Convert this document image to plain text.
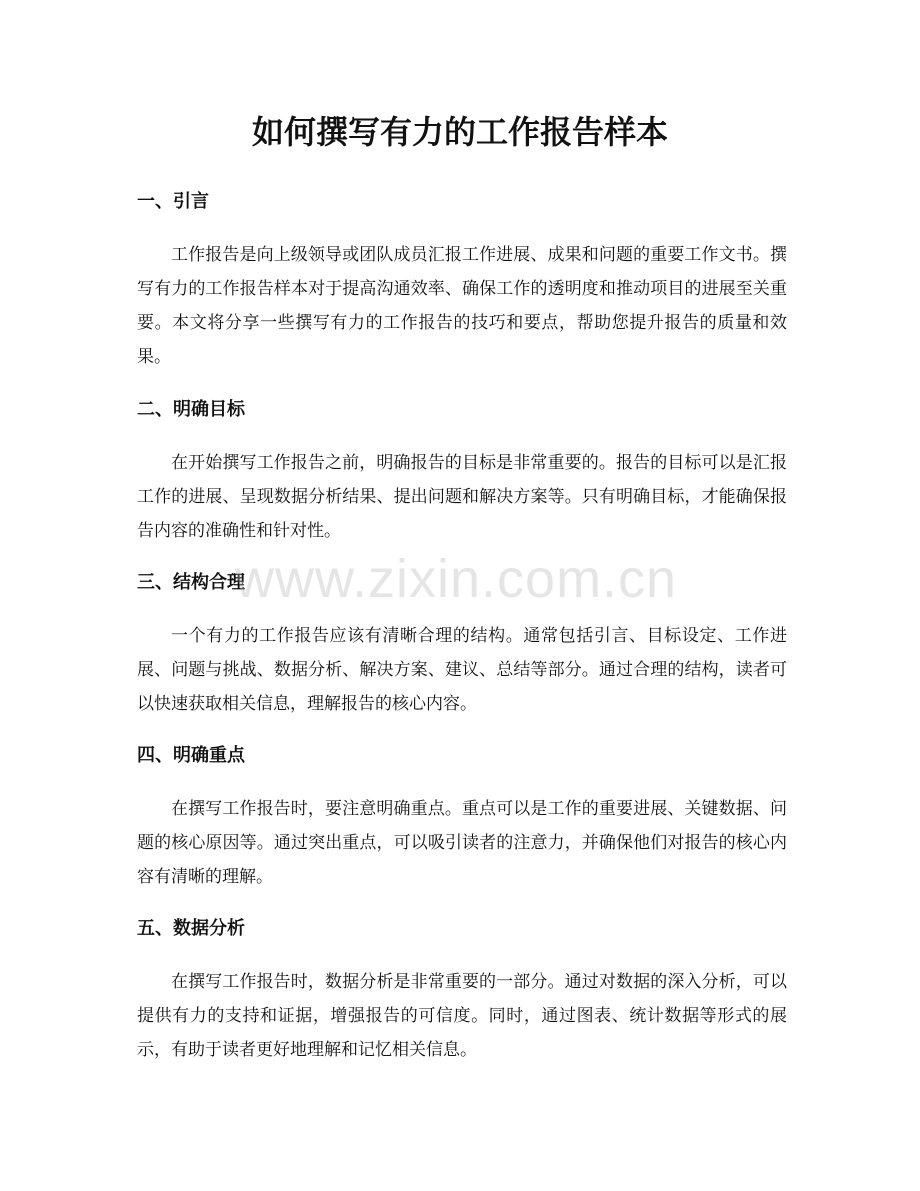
如何撰写有力的工作报告样本
一、引言

工作报告是向上级领导或团队成员汇报工作进展、成果和问题的重要工作文书。撰写有力的工作报告样本对于提高沟通效率、确保工作的透明度和推动项目的进展至关重要。本文将分享一些撰写有力的工作报告的技巧和要点，帮助您提升报告的质量和效果。

二、明确目标

在开始撰写工作报告之前，明确报告的目标是非常重要的。报告的目标可以是汇报工作的进展、呈现数据分析结果、提出问题和解决方案等。只有明确目标，才能确保报告内容的准确性和针对性。

三、结构合理

一个有力的工作报告应该有清晰合理的结构。通常包括引言、目标设定、工作进展、问题与挑战、数据分析、解决方案、建议、总结等部分。通过合理的结构，读者可以快速获取相关信息，理解报告的核心内容。

四、明确重点

在撰写工作报告时，要注意明确重点。重点可以是工作的重要进展、关键数据、问题的核心原因等。通过突出重点，可以吸引读者的注意力，并确保他们对报告的核心内容有清晰的理解。

五、数据分析

在撰写工作报告时，数据分析是非常重要的一部分。通过对数据的深入分析，可以提供有力的支持和证据，增强报告的可信度。同时，通过图表、统计数据等形式的展示，有助于读者更好地理解和记忆相关信息。

www.zixin.com.cn
